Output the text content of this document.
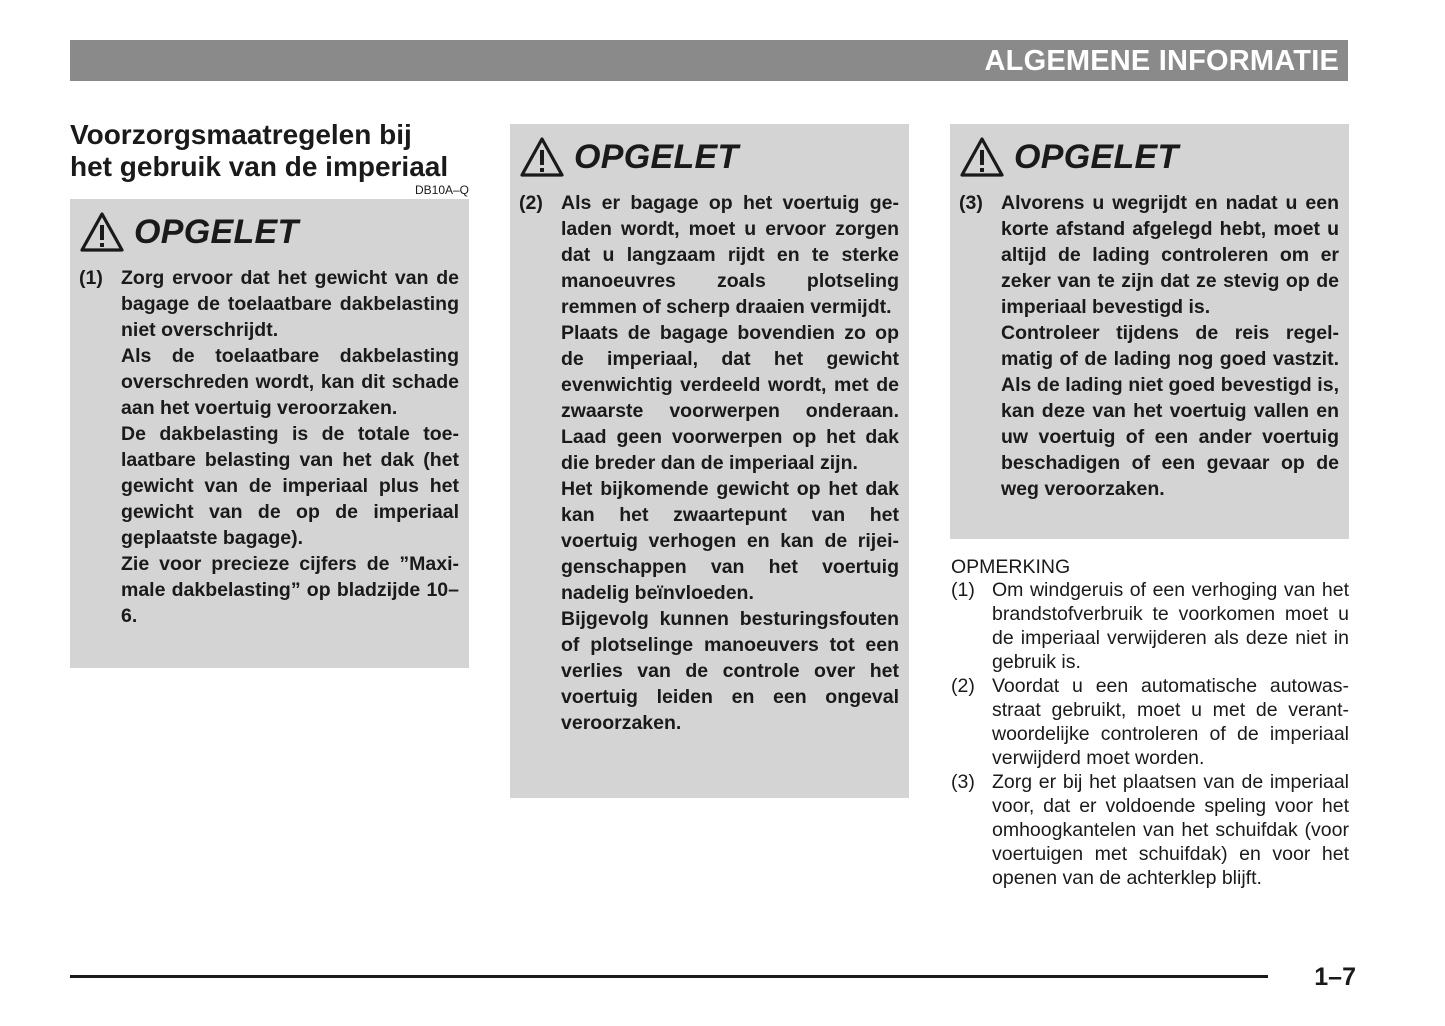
ALGEMENE INFORMATIE
Voorzorgsmaatregelen bij
het gebruik van de imperiaal
DB10A–Q
OPGELET
(1) Zorg ervoor dat het gewicht van de bagage de toelaatbare dakbelasting niet overschrijdt.

Als de toelaatbare dakbelasting overschreden wordt, kan dit schade aan het voertuig veroorzaken.

De dakbelasting is de totale toelaatbare belasting van het dak (het gewicht van de imperiaal plus het gewicht van de op de imperiaal geplaatste bagage).

Zie voor precieze cijfers de ”Maximale dakbelasting” op bladzijde 10–6.

OPGELET
(2) Als er bagage op het voertuig geladen wordt, moet u ervoor zorgen dat u langzaam rijdt en te sterke manoeuvres zoals plotseling remmen of scherp draaien vermijdt.

Plaats de bagage bovendien zo op de imperiaal, dat het gewicht evenwichtig verdeeld wordt, met de zwaarste voorwerpen onderaan. Laad geen voorwerpen op het dak die breder dan de imperiaal zijn.

Het bijkomende gewicht op het dak kan het zwaartepunt van het voertuig verhogen en kan de rijeigenschappen van het voertuig nadelig beïnvloeden.

Bijgevolg kunnen besturingsfouten of plotselinge manoeuvers tot een verlies van de controle over het voertuig leiden en een ongeval veroorzaken.

OPGELET
(3) Alvorens u wegrijdt en nadat u een korte afstand afgelegd hebt, moet u altijd de lading controleren om er zeker van te zijn dat ze stevig op de imperiaal bevestigd is.

Controleer tijdens de reis regelmatig of de lading nog goed vastzit. Als de lading niet goed bevestigd is, kan deze van het voertuig vallen en uw voertuig of een ander voertuig beschadigen of een gevaar op de weg veroorzaken.

OPMERKING

(1) Om windgeruis of een verhoging van het brandstofverbruik te voorkomen moet u de imperiaal verwijderen als deze niet in gebruik is.
(2) Voordat u een automatische autowasstraat gebruikt, moet u met de verantwoordelijke controleren of de imperiaal verwijderd moet worden.
(3) Zorg er bij het plaatsen van de imperiaal voor, dat er voldoende speling voor het omhoogkantelen van het schuifdak (voor voertuigen met schuifdak) en voor het openen van de achterklep blijft.
1–7
